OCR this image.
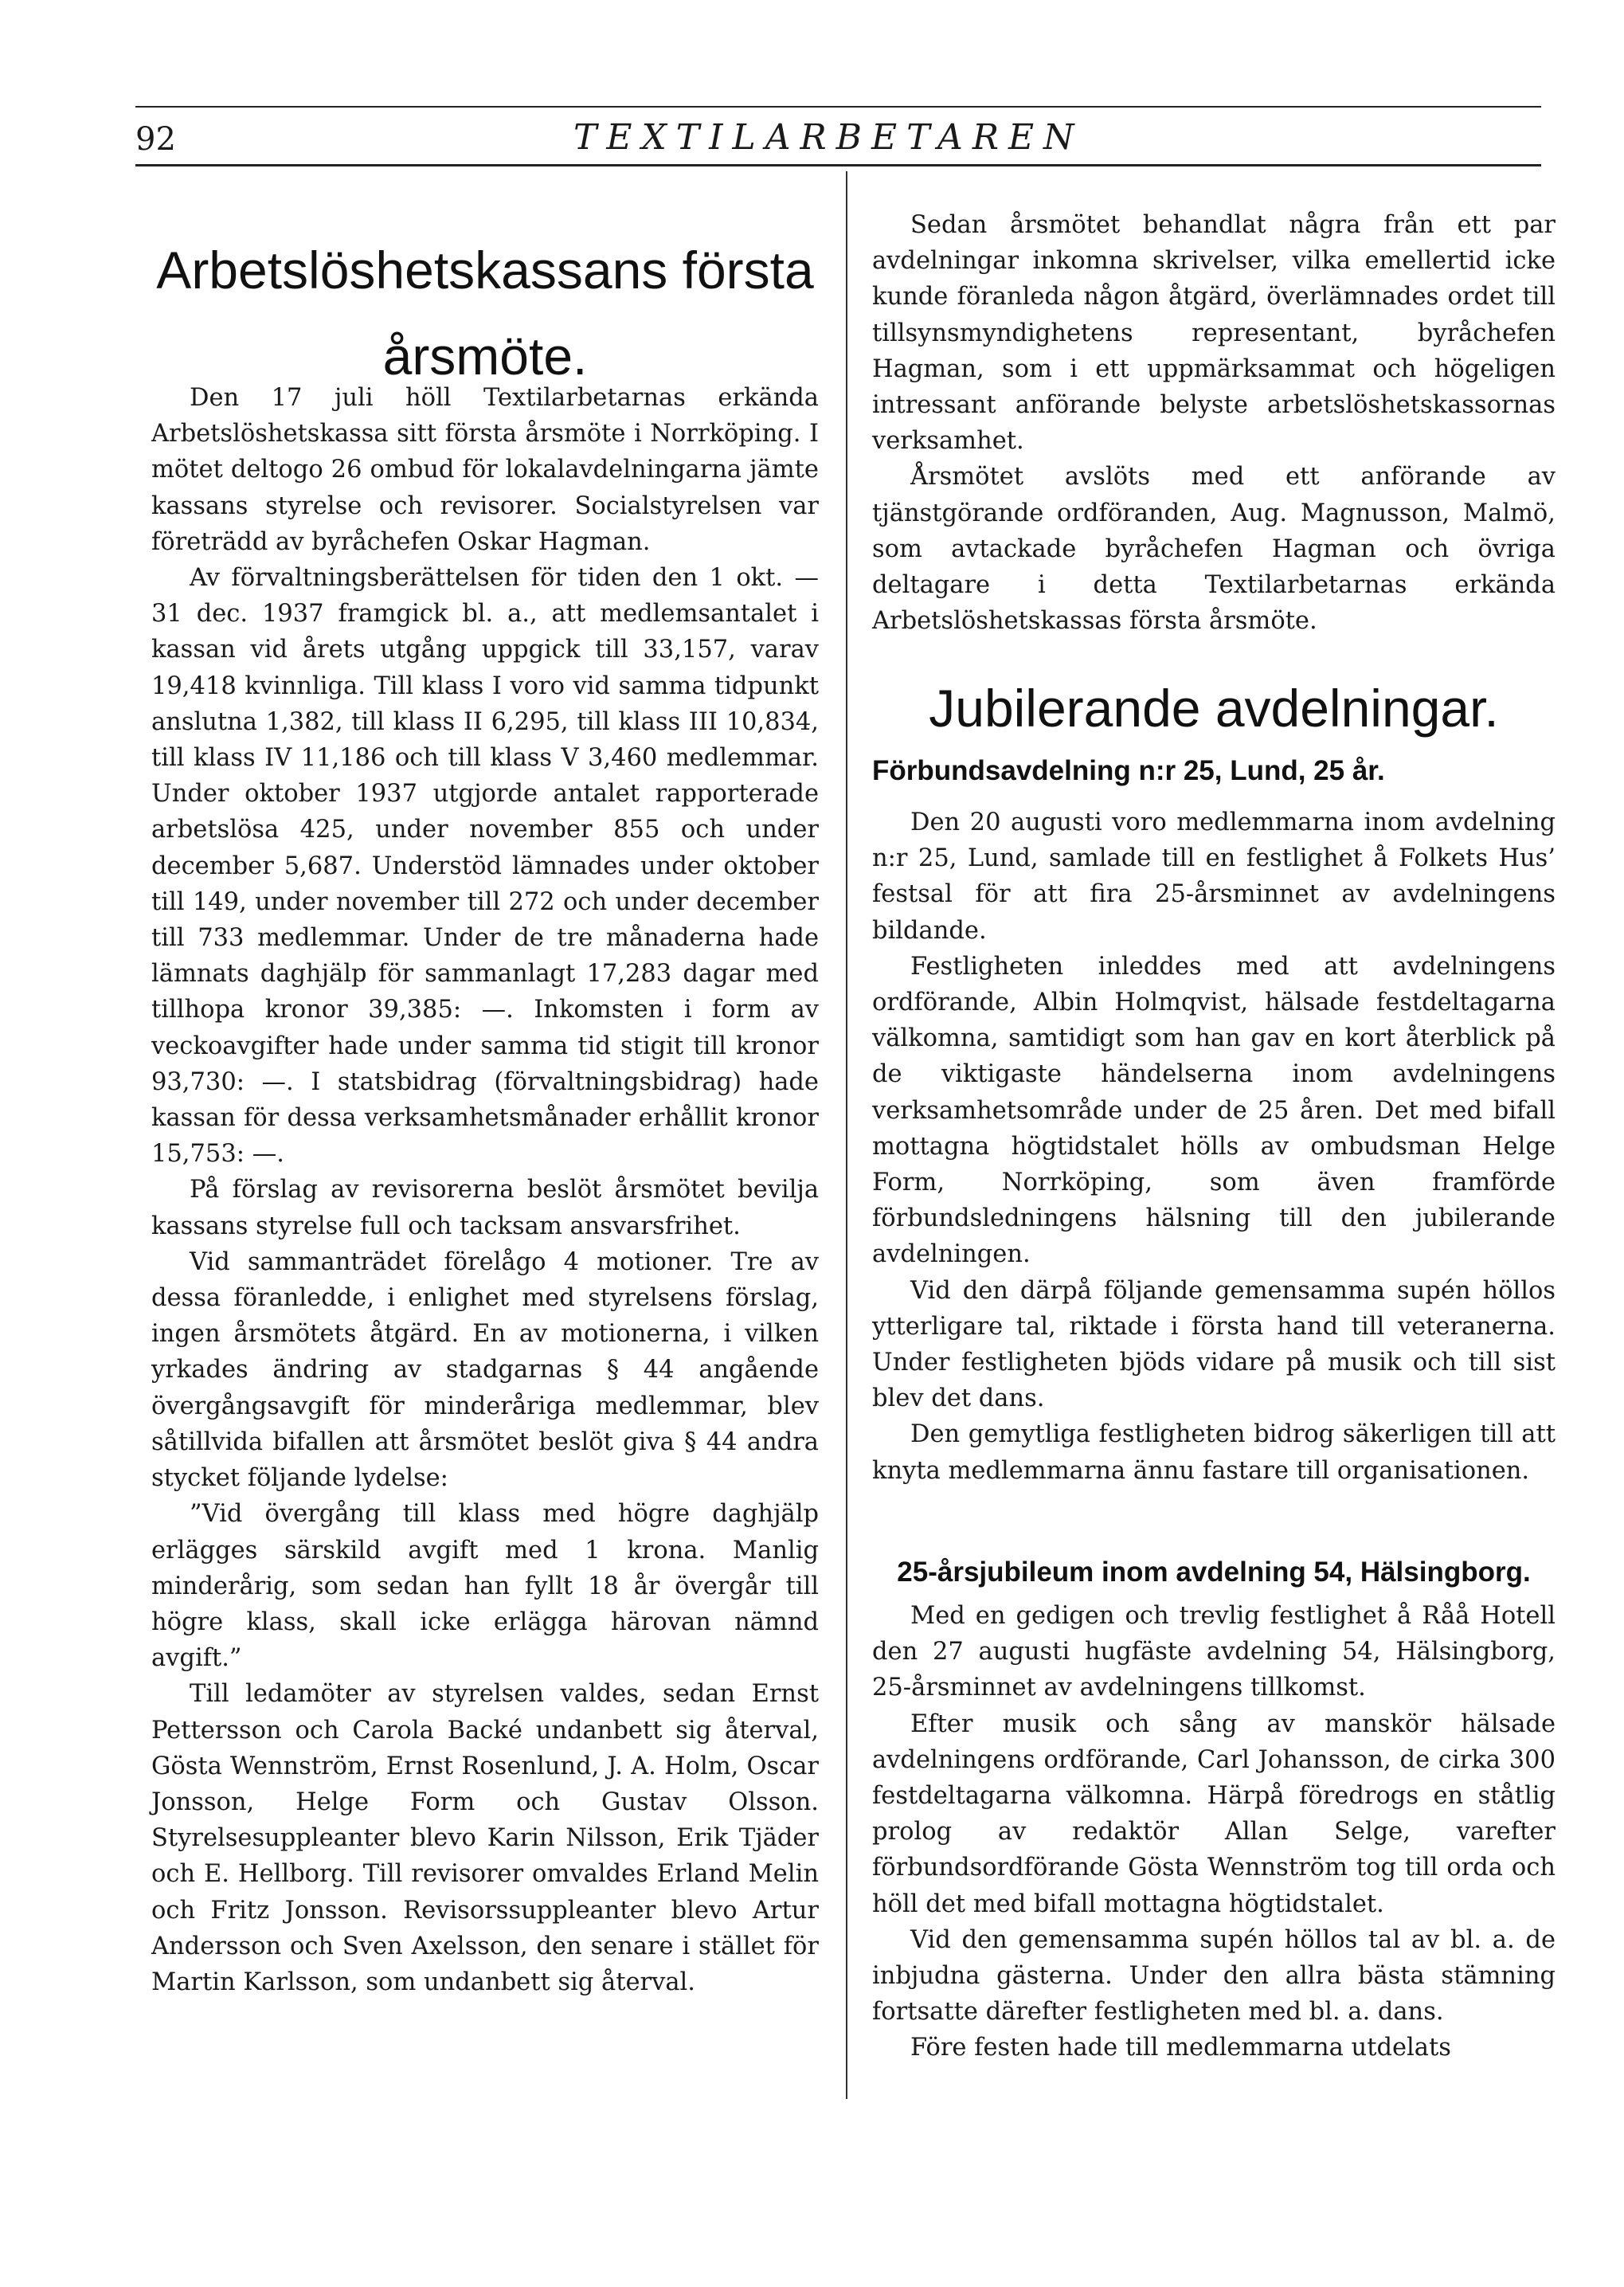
92	TEXTILARBETAREN
Arbetslöshetskassans första årsmöte.

Den 17 juli höll Textilarbetarnas erkända Arbetslöshetskassa sitt första årsmöte i Norrköping. I mötet deltogo 26 ombud för lokalavdelningarna jämte kassans styrelse och revisorer. Socialstyrelsen var företrädd av byråchefen Oskar Hagman.

Av förvaltningsberättelsen för tiden den 1 okt. —31 dec. 1937 framgick bl. a., att medlemsantalet i kassan vid årets utgång uppgick till 33,157, varav 19,418 kvinnliga. Till klass I voro vid samma tidpunkt anslutna 1,382, till klass II 6,295, till klass III 10,834, till klass IV 11,186 och till klass V 3,460 medlemmar. Under oktober 1937 utgjorde antalet rapporterade arbetslösa 425, under november 855 och under december 5,687. Understöd lämnades under oktober till 149, under november till 272 och under december till 733 medlemmar. Under de tre månaderna hade lämnats daghjälp för sammanlagt 17,283 dagar med tillhopa kronor 39,385: —. Inkomsten i form av veckoavgifter hade under samma tid stigit till kronor 93,730: —. I statsbidrag (förvaltningsbidrag) hade kassan för dessa verksamhetsmånader erhållit kronor 15,753: —.

På förslag av revisorerna beslöt årsmötet bevilja kassans styrelse full och tacksam ansvarsfrihet.

Vid sammanträdet förelågo 4 motioner. Tre av dessa föranledde, i enlighet med styrelsens förslag, ingen årsmötets åtgärd. En av motionerna, i vilken yrkades ändring av stadgarnas § 44 angående övergångsavgift för minderåriga medlemmar, blev såtillvida bifallen att årsmötet beslöt giva § 44 andra stycket följande lydelse:

”Vid övergång till klass med högre daghjälp erlägges särskild avgift med 1 krona. Manlig minderårig, som sedan han fyllt 18 år övergår till högre klass, skall icke erlägga härovan nämnd avgift.”

Till ledamöter av styrelsen valdes, sedan Ernst Pettersson och Carola Backé undanbett sig återval, Gösta Wennström, Ernst Rosenlund, J. A. Holm, Oscar Jonsson, Helge Form och Gustav Olsson. Styrelsesuppleanter blevo Karin Nilsson, Erik Tjäder och E. Hellborg. Till revisorer omvaldes Erland Melin och Fritz Jonsson. Revisorssuppleanter blevo Artur Andersson och Sven Axelsson, den senare i stället för Martin Karlsson, som undanbett sig återval.

Sedan årsmötet behandlat några från ett par avdelningar inkomna skrivelser, vilka emellertid icke kunde föranleda någon åtgärd, överlämnades ordet till tillsynsmyndighetens representant, byråchefen Hagman, som i ett uppmärksammat och högeligen intressant anförande belyste arbetslöshetskassornas verksamhet.

Årsmötet avslöts med ett anförande av tjänstgörande ordföranden, Aug. Magnusson, Malmö, som avtackade byråchefen Hagman och övriga deltagare i detta Textilarbetarnas erkända Arbetslöshetskassas första årsmöte.

Jubilerande avdelningar.
Förbundsavdelning n:r 25, Lund, 25 år.

Den 20 augusti voro medlemmarna inom avdelning n:r 25, Lund, samlade till en festlighet å Folkets Hus’ festsal för att fira 25-årsminnet av avdelningens bildande.

Festligheten inleddes med att avdelningens ordförande, Albin Holmqvist, hälsade festdeltagarna välkomna, samtidigt som han gav en kort återblick på de viktigaste händelserna inom avdelningens verksamhetsområde under de 25 åren. Det med bifall mottagna högtidstalet hölls av ombudsman Helge Form, Norrköping, som även framförde förbundsledningens hälsning till den jubilerande avdelningen.

Vid den därpå följande gemensamma supén höllos ytterligare tal, riktade i första hand till veteranerna. Under festligheten bjöds vidare på musik och till sist blev det dans.

Den gemytliga festligheten bidrog säkerligen till att knyta medlemmarna ännu fastare till organisationen.

25-årsjubileum inom avdelning 54, Hälsingborg.

Med en gedigen och trevlig festlighet å Råå Hotell den 27 augusti hugfäste avdelning 54, Hälsingborg, 25-årsminnet av avdelningens tillkomst.

Efter musik och sång av manskör hälsade avdelningens ordförande, Carl Johansson, de cirka 300 festdeltagarna välkomna. Härpå föredrogs en ståtlig prolog av redaktör Allan Selge, varefter förbundsordförande Gösta Wennström tog till orda och höll det med bifall mottagna högtidstalet.

Vid den gemensamma supén höllos tal av bl. a. de inbjudna gästerna. Under den allra bästa stämning fortsatte därefter festligheten med bl. a. dans.

Före festen hade till medlemmarna utdelats
